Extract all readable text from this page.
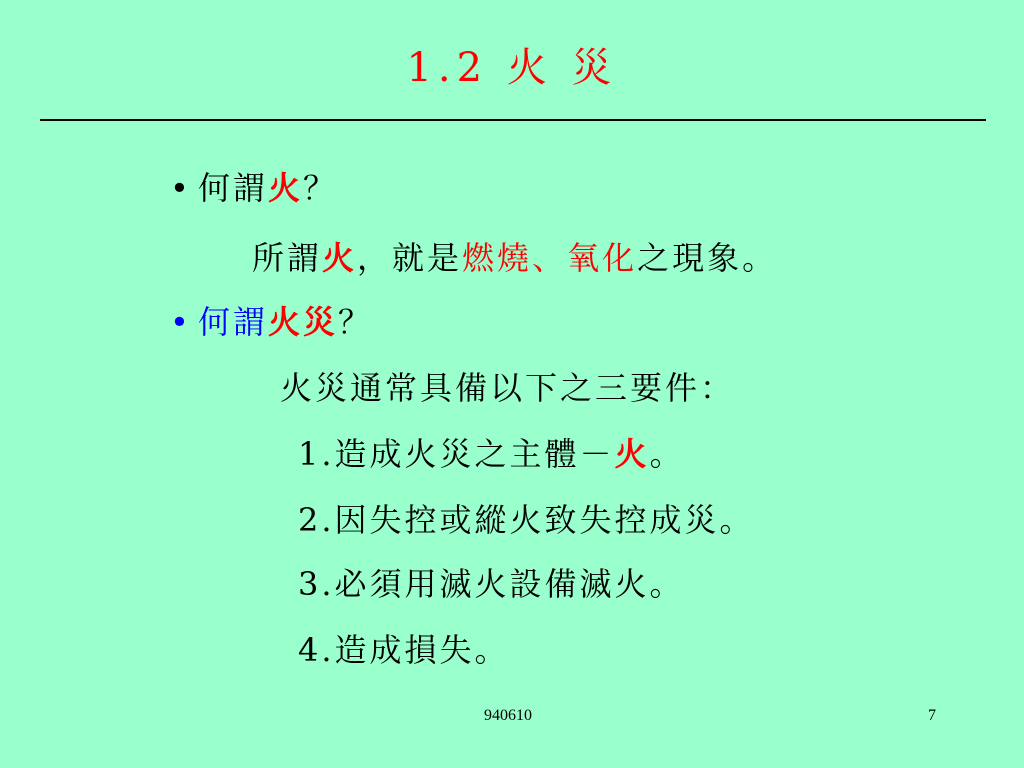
1.2 火 災
• 何謂火？
所謂火，就是燃燒、氧化之現象。
• 何謂火災？
火災通常具備以下之三要件：
1.造成火災之主體－火。
2.因失控或縱火致失控成災。
3.必須用滅火設備滅火。
4.造成損失。
940610	7
